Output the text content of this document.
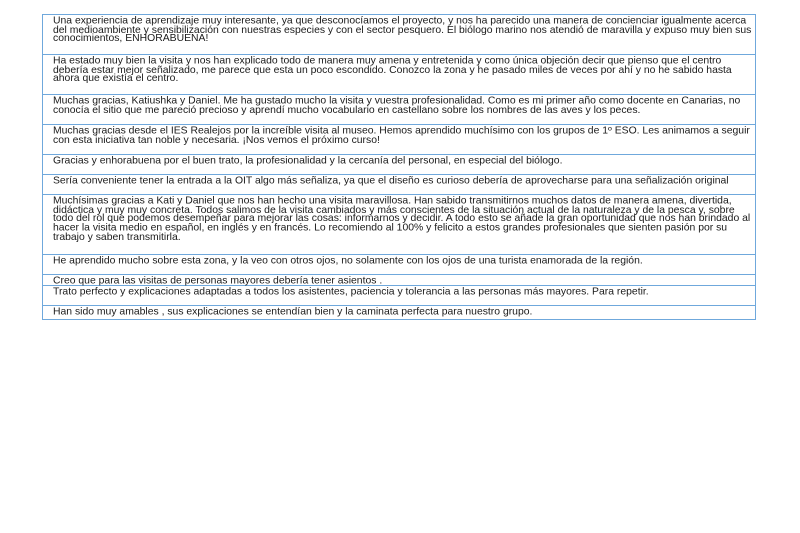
Una experiencia de aprendizaje muy interesante, ya que desconocíamos el proyecto, y nos ha parecido una manera de concienciar igualmente acerca del medioambiente y sensibilización con nuestras especies y con el sector pesquero. El biólogo marino nos atendió de maravilla y expuso muy bien sus conocimientos, ENHORABUENA!
Ha estado muy bien la visita y nos han explicado todo de manera muy amena y entretenida y como única objeción decir que pienso que el centro debería estar mejor señalizado, me parece que esta un poco escondido. Conozco la zona y he pasado miles de veces por ahí y no he sabido hasta ahora que existía el centro.
Muchas gracias, Katiushka y Daniel. Me ha gustado mucho la visita y vuestra profesionalidad. Como es mi primer año como docente en Canarias, no conocía el sitio que me pareció precioso y aprendí mucho vocabulario en castellano sobre los nombres de las aves y los peces.
Muchas gracias desde el IES Realejos por la increíble visita al museo. Hemos aprendido muchísimo con los grupos de 1º ESO. Les animamos a seguir con esta iniciativa tan noble y necesaria. ¡Nos vemos el próximo curso!
Gracias y enhorabuena por el buen trato, la profesionalidad y la cercanía del personal, en especial del biólogo.
Sería conveniente tener la entrada a la OIT algo más señaliza, ya que el diseño es curioso debería de aprovecharse para una señalización original
Muchísimas gracias a Kati y Daniel que nos han hecho una visita maravillosa. Han sabido transmitirnos muchos datos de manera amena, divertida, didáctica y muy muy concreta. Todos salimos de la visita cambiados y más conscientes de la situación actual de la naturaleza y de la pesca y, sobre todo del rol que podemos desempeñar para mejorar las cosas: informarnos y decidir. A todo esto se añade la gran oportunidad que nos han brindado al hacer la visita medio en español, en inglés y en francés. Lo recomiendo al 100% y felicito a estos grandes profesionales que sienten pasión por su trabajo y saben transmitirla.
He aprendido mucho sobre esta zona, y la veo con otros ojos, no solamente con los ojos de una turista enamorada de la región.
Creo que para las visitas de personas mayores debería tener asientos .
Trato perfecto y explicaciones adaptadas a todos los asistentes, paciencia y tolerancia a las personas más mayores. Para repetir.
Han sido muy amables , sus explicaciones se entendían bien y la caminata perfecta para nuestro grupo.
